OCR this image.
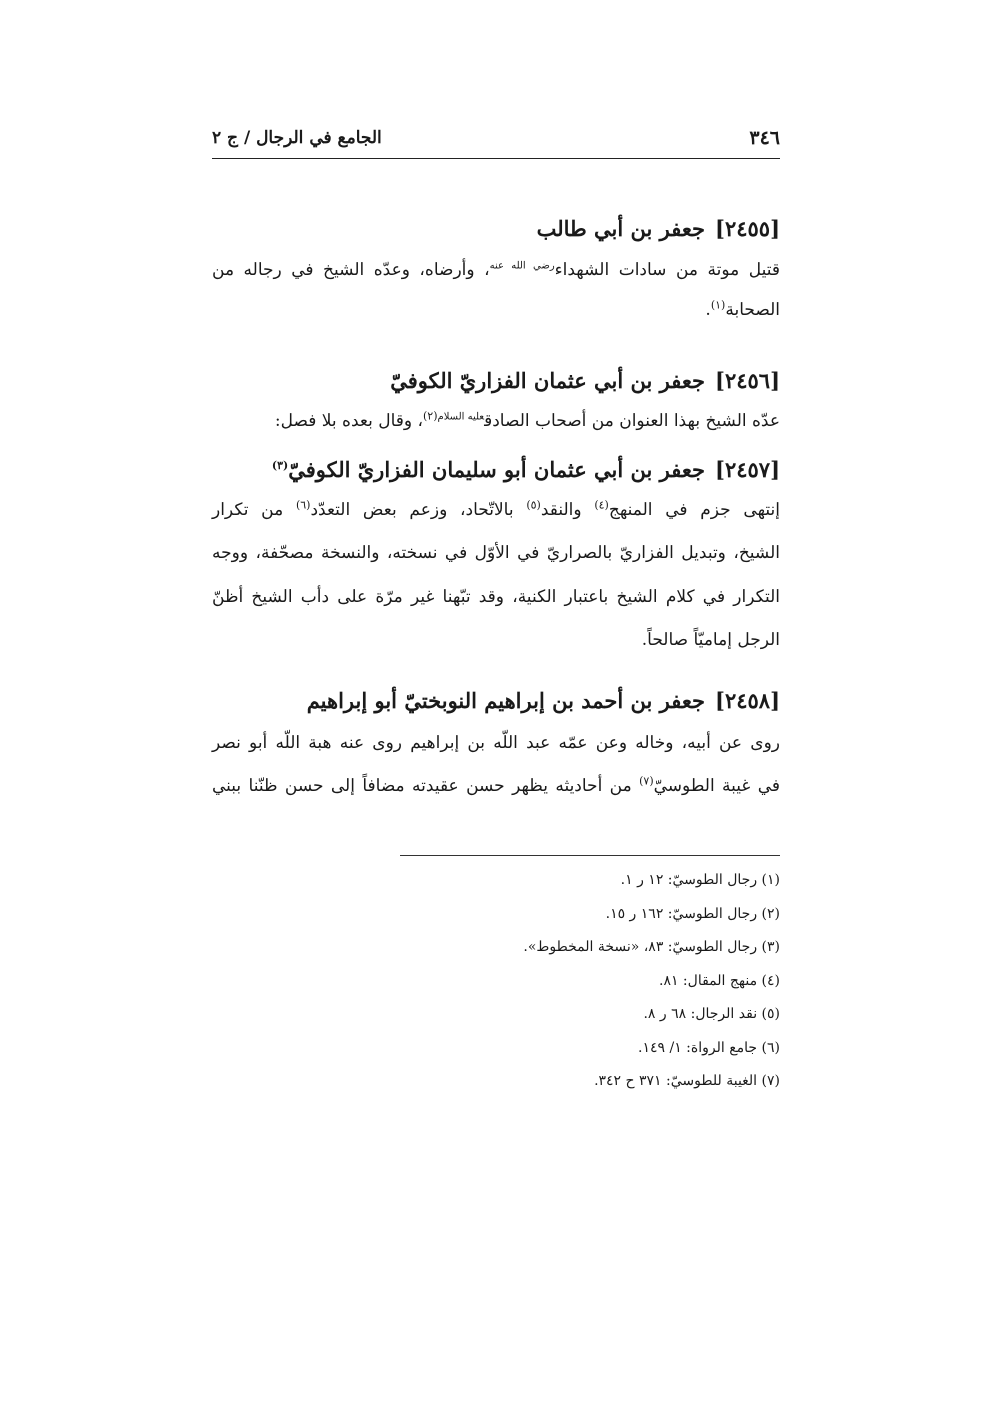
٣٤٦
الجامع في الرجال / ج ٢
[٢٤٥٥]جعفر بن أبي طالب
قتيل موتة من سادات الشهداء$^{رضي الله عنه}$، وأرضاه، وعدّه الشيخ في رجاله من
الصحابة$^{(١)}$.
[٢٤٥٦]جعفر بن أبي عثمان الفزاريّ الكوفيّ
عدّه الشيخ بهذا العنوان من أصحاب الصادق$^{عليه السلام(٢)}$، وقال بعده بلا فصل:
[٢٤٥٧]جعفر بن أبي عثمان أبو سليمان الفزاريّ الكوفيّ$^{(٣)}$
إنتهى جزم في المنهج$^{(٤)}$ والنقد$^{(٥)}$ بالاتّحاد، وزعم بعض التعدّد$^{(٦)}$ من تكرار
الشيخ، وتبديل الفزاريّ بالصراريّ في الأوّل في نسخته، والنسخة مصحّفة، ووجه
التكرار في كلام الشيخ باعتبار الكنية، وقد تبّهنا غير مرّة على دأب الشيخ أظنّ
الرجل إماميّاً صالحاً.
[٢٤٥٨]جعفر بن أحمد بن إبراهيم النوبختيّ أبو إبراهيم
روى عن أبيه، وخاله وعن عمّه عبد اللّه بن إبراهيم روى عنه هبة اللّه أبو نصر
في غيبة الطوسيّ$^{(٧)}$ من أحاديثه يظهر حسن عقيدته مضافاً إلى حسن ظنّنا ببني
(١) رجال الطوسيّ: ١٢ ر ١.
(٢) رجال الطوسيّ: ١٦٢ ر ١٥.
(٣) رجال الطوسيّ: ٨٣، «نسخة المخطوط».
(٤) منهج المقال: ٨١.
(٥) نقد الرجال: ٦٨ ر ٨.
(٦) جامع الرواة: ١/ ١٤٩.
(٧) الغيبة للطوسيّ: ٣٧١ ح ٣٤٢.
